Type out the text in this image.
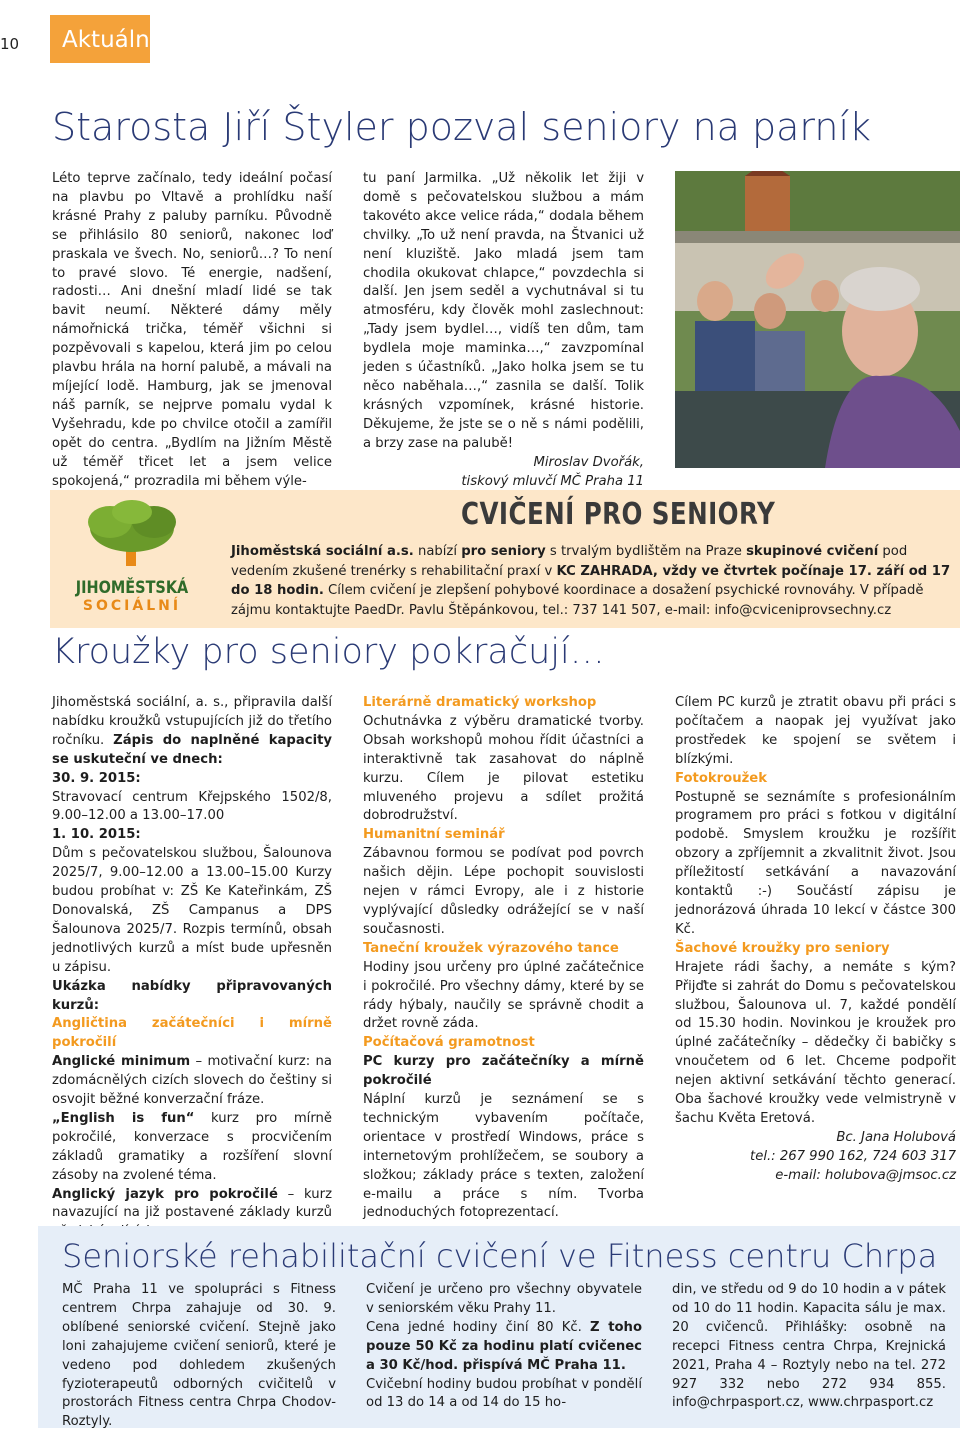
10 Aktuálně
Starosta Jiří Štyler pozval seniory na parník

Léto teprve začínalo, tedy ideální počasí na plavbu po Vltavě a prohlídku naší krásné Prahy z paluby parníku. Původně se přihlásilo 80 seniorů, nakonec loď praskala ve švech. No, seniorů…? To není to pravé slovo. Té energie, nadšení, radosti… Ani dnešní mladí lidé se tak bavit neumí. Některé dámy měly námořnická trička, téměř všichni si pozpěvovali s kapelou, která jim po celou plavbu hrála na horní palubě, a mávali na míjející lodě. Hamburg, jak se jmenoval náš parník, se nejprve pomalu vydal k Vyšehradu, kde po chvilce otočil a zamířil opět do centra. „Bydlím na Jižním Městě už téměř třicet let a jsem velice spokojená,“ prozradila mi během výle-

tu paní Jarmilka. „Už několik let žiji v domě s pečovatelskou službou a mám takovéto akce velice ráda,“ dodala během chvilky. „To už není pravda, na Štvanici už není kluziště. Jako mladá jsem tam chodila okukovat chlapce,“ povzdechla si další. Jen jsem seděl a vychutnával si tu atmosféru, kdy člověk mohl zaslechnout: „Tady jsem bydlel…, vidíš ten dům, tam bydlela moje maminka…,“ zavzpomínal jeden s účastníků. „Jako holka jsem se tu něco naběhala…,“ zasnila se další. Tolik krásných vzpomínek, krásné historie. Děkujeme, že jste se o ně s námi podělili, a brzy zase na palubě!

Miroslav Dvořák,

tiskový mluvčí MČ Praha 11

JIHOMĚSTSKÁ
SOCIÁLNÍ
CVIČENÍ PRO SENIORY
Jihoměstská sociální a.s. nabízí pro seniory s trvalým bydlištěm na Praze skupinové cvičení pod vedením zkušené trenérky s rehabilitační praxí v KC ZAHRADA, vždy ve čtvrtek počínaje 17. září od 17 do 18 hodin. Cílem cvičení je zlepšení pohybové koordinace a dosažení psychické rovnováhy. V případě zájmu kontaktujte PaedDr. Pavlu Štěpánkovou, tel.: 737 141 507, e-mail: info@cviceniprovsechny.cz
Kroužky pro seniory pokračují…

Jihoměstská sociální, a. s., připravila další nabídku kroužků vstupujících již do třetího ročníku. Zápis do naplněné kapacity se uskuteční ve dnech:

30. 9. 2015:

Stravovací centrum Křejpského 1502/8, 9.00–12.00 a 13.00–17.00

1. 10. 2015:

Dům s pečovatelskou službou, Šalounova 2025/7, 9.00–12.00 a 13.00–15.00 Kurzy budou probíhat v: ZŠ Ke Kateřinkám, ZŠ Donovalská, ZŠ Campanus a DPS Šalounova 2025/7. Rozpis termínů, obsah jednotlivých kurzů a míst bude upřesněn u zápisu.

Ukázka nabídky připravovaných kurzů:

Angličtina začátečníci i mírně pokročilí

Anglické minimum – motivační kurz: na zdomácnělých cizích slovech do češtiny si osvojit běžné konverzační fráze.

„English is fun“ kurz pro mírně pokročilé, konverzace s procvičením základů gramatiky a rozšíření slovní zásoby na zvolené téma.

Anglický jazyk pro pokročilé – kurz navazující na již postavené základy kurzů

Literárně dramatický workshop

Ochutnávka z výběru dramatické tvorby. Obsah workshopů mohou řídit účastníci a interaktivně tak zasahovat do náplně kurzu. Cílem je pilovat estetiku mluveného projevu a sdílet prožitá dobrodružství.

Humanitní seminář

Zábavnou formou se podívat pod povrch našich dějin. Lépe pochopit souvislosti nejen v rámci Evropy, ale i z historie vyplývající důsledky odrážející se v naší současnosti.

Taneční kroužek výrazového tance

Hodiny jsou určeny pro úplné začátečnice i pokročilé. Pro všechny dámy, které by se rády hýbaly, naučily se správně chodit a držet rovně záda.

Počítačová gramotnost

PC kurzy pro začátečníky a mírně pokročilé

Náplní kurzů je seznámení se s technickým vybavením počítače, orientace v prostředí Windows, práce s internetovým prohlížečem, se soubory a složkou; základy práce s texten, založení e-mailu a práce s ním. Tvorba jednoduchých fotoprezentací.

Cílem PC kurzů je ztratit obavu při práci s počítačem a naopak jej využívat jako prostředek ke spojení se světem i blízkými.

Fotokroužek

Postupně se seznámíte s profesionálním programem pro práci s fotkou v digitální podobě. Smyslem kroužku je rozšířit obzory a zpříjemnit a zkvalitnit život. Jsou příležitostí setkávání a navazování kontaktů :-) Součástí zápisu je jednorázová úhrada 10 lekcí v částce 300 Kč.

Šachové kroužky pro seniory

Hrajete rádi šachy, a nemáte s kým? Přijďte si zahrát do Domu s pečovatelskou službou, Šalounova ul. 7, každé pondělí od 15.30 hodin. Novinkou je kroužek pro úplné začátečníky – dědečky či babičky s vnoučetem od 6 let. Chceme podpořit nejen aktivní setkávání těchto generací. Oba šachové kroužky vede velmistryně v šachu Květa Eretová.

Bc. Jana Holubová

tel.: 267 990 162, 724 603 317

e-mail: holubova@jmsoc.cz

Seniorské rehabilitační cvičení ve Fitness centru Chrpa

MČ Praha 11 ve spolupráci s Fitness centrem Chrpa zahajuje od 30. 9. oblíbené seniorské cvičení. Stejně jako loni zahajujeme cvičení seniorů, které je vedeno pod dohledem zkušených fyzioterapeutů odborných cvičitelů v prostorách Fitness centra Chrpa Chodov-Roztyly.

Cvičení je určeno pro všechny obyvatele v seniorském věku Prahy 11.

Cena jedné hodiny činí 80 Kč. Z toho pouze 50 Kč za hodinu platí cvičenec a 30 Kč/hod. přispívá MČ Praha 11.

Cvičební hodiny budou probíhat v pondělí od 13 do 14 a od 14 do 15 ho-

din, ve středu od 9 do 10 hodin a v pátek od 10 do 11 hodin. Kapacita sálu je max. 20 cvičenců. Přihlášky: osobně na recepci Fitness centra Chrpa, Krejnická 2021, Praha 4 – Roztyly nebo na tel. 272 927 332 nebo 272 934 855. info@chrpasport.cz, www.chrpasport.cz
